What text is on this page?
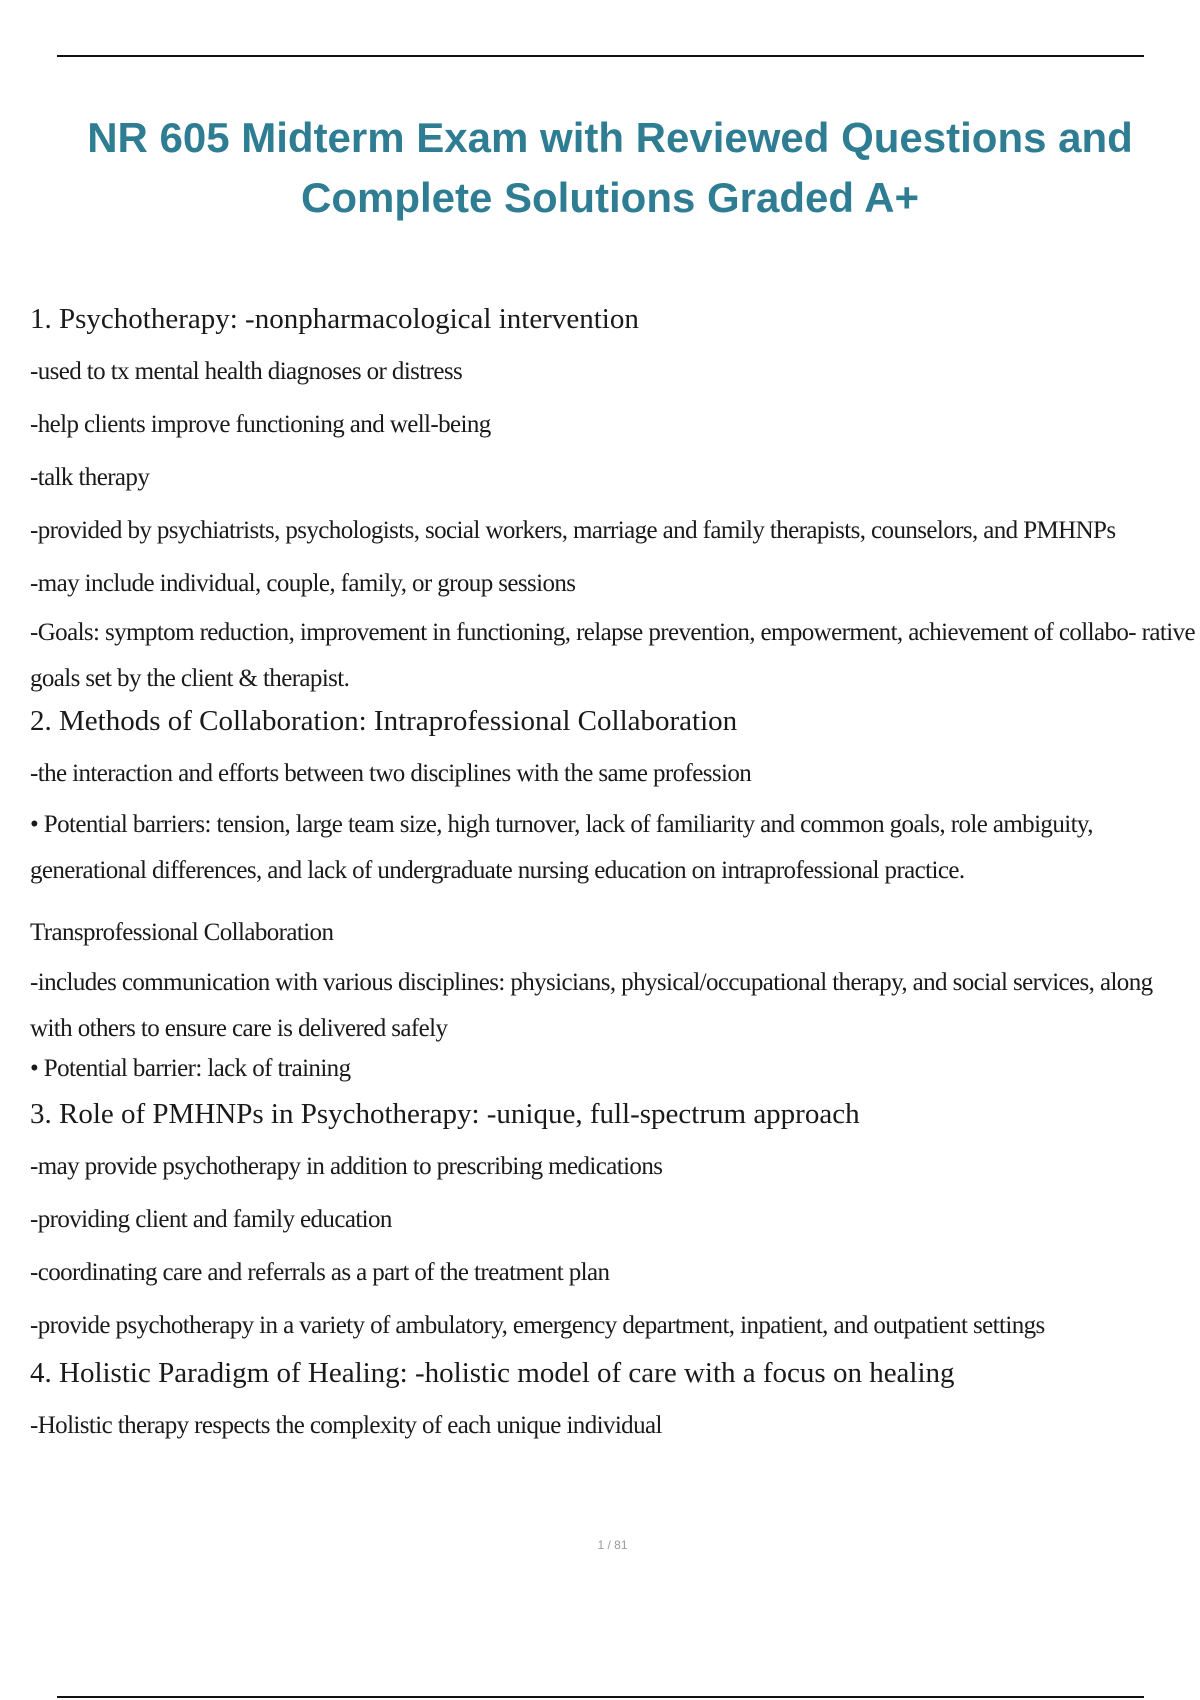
NR 605 Midterm Exam with Reviewed Questions and
Complete Solutions Graded A+

1. Psychotherapy: -nonpharmacological intervention

-used to tx mental health diagnoses or distress

-help clients improve functioning and well-being

-talk therapy

-provided by psychiatrists, psychologists, social workers, marriage and family therapists, counselors, and PMHNPs

-may include individual, couple, family, or group sessions

-Goals: symptom reduction, improvement in functioning, relapse prevention, empowerment, achievement of collabo- rative goals set by the client & therapist.

2. Methods of Collaboration: Intraprofessional Collaboration

-the interaction and efforts between two disciplines with the same profession

• Potential barriers: tension, large team size, high turnover, lack of familiarity and common goals, role ambiguity, generational differences, and lack of undergraduate nursing education on intraprofessional practice.

Transprofessional Collaboration

-includes communication with various disciplines: physicians, physical/occupational therapy, and social services, along with others to ensure care is delivered safely

• Potential barrier: lack of training

3. Role of PMHNPs in Psychotherapy: -unique, full-spectrum approach

-may provide psychotherapy in addition to prescribing medications

-providing client and family education

-coordinating care and referrals as a part of the treatment plan

-provide psychotherapy in a variety of ambulatory, emergency department, inpatient, and outpatient settings

4. Holistic Paradigm of Healing: -holistic model of care with a focus on healing

-Holistic therapy respects the complexity of each unique individual

1 / 81
